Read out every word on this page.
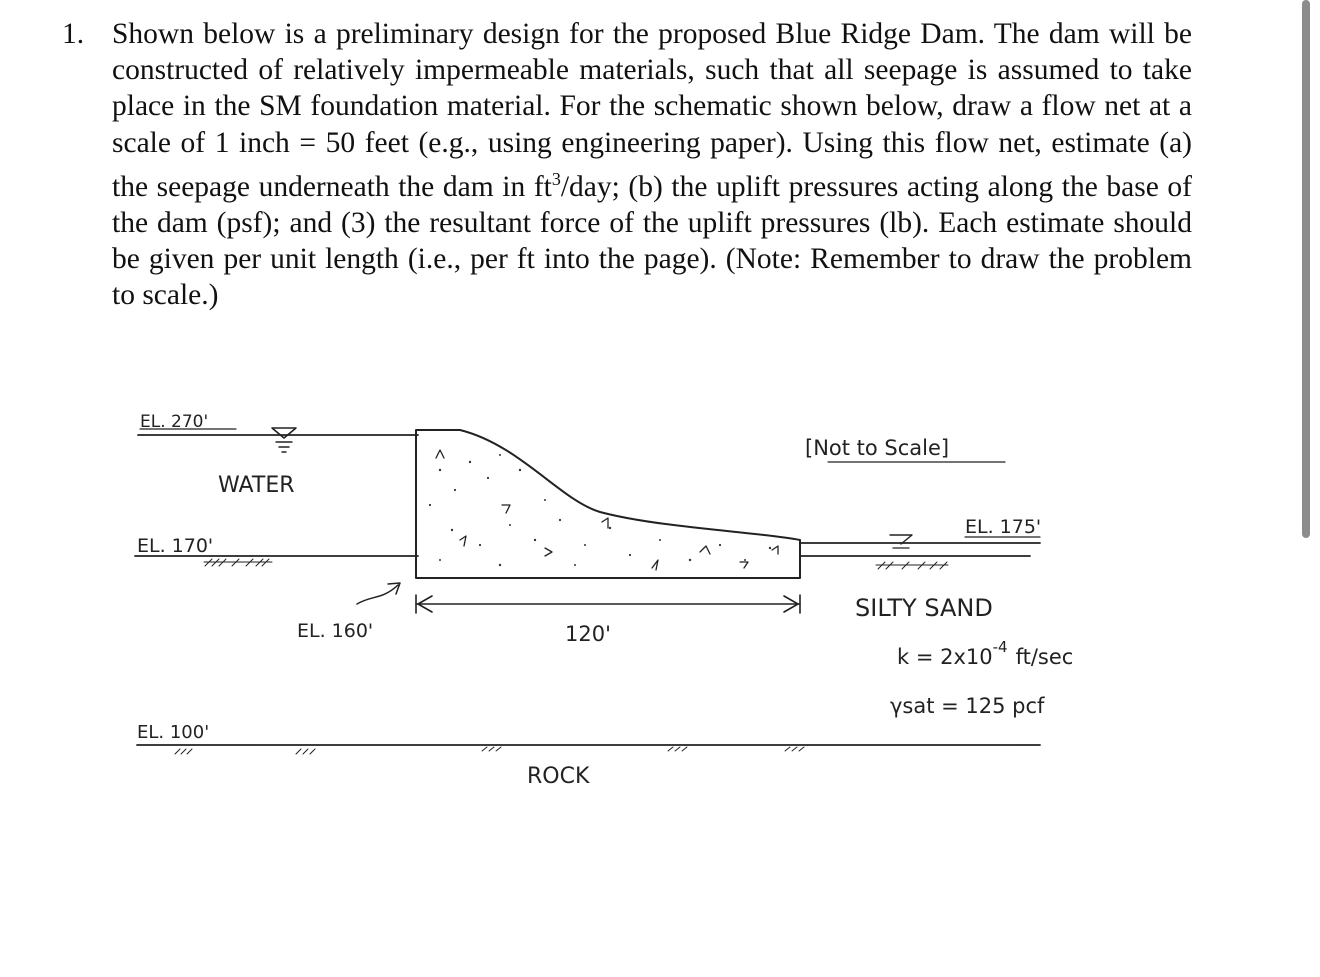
1. Shown below is a preliminary design for the proposed Blue Ridge Dam. The dam will be constructed of relatively impermeable materials, such that all seepage is assumed to take place in the SM foundation material. For the schematic shown below, draw a flow net at a scale of 1 inch = 50 feet (e.g., using engineering paper). Using this flow net, estimate (a) the seepage underneath the dam in $ft^3$/day; (b) the uplift pressures acting along the base of the dam (psf); and (3) the resultant force of the uplift pressures (lb). Each estimate should be given per unit length (i.e., per ft into the page). (Note: Remember to draw the problem to scale.)
EL. 270'
WATER
EL. 170'
EL. 160'	120'
[Not to Scale]
EL. 175'
SILTY SAND
$k = 2x10^{-4}$ ft/sec
γsat = 125 pcf
EL. 100'
ROCK
